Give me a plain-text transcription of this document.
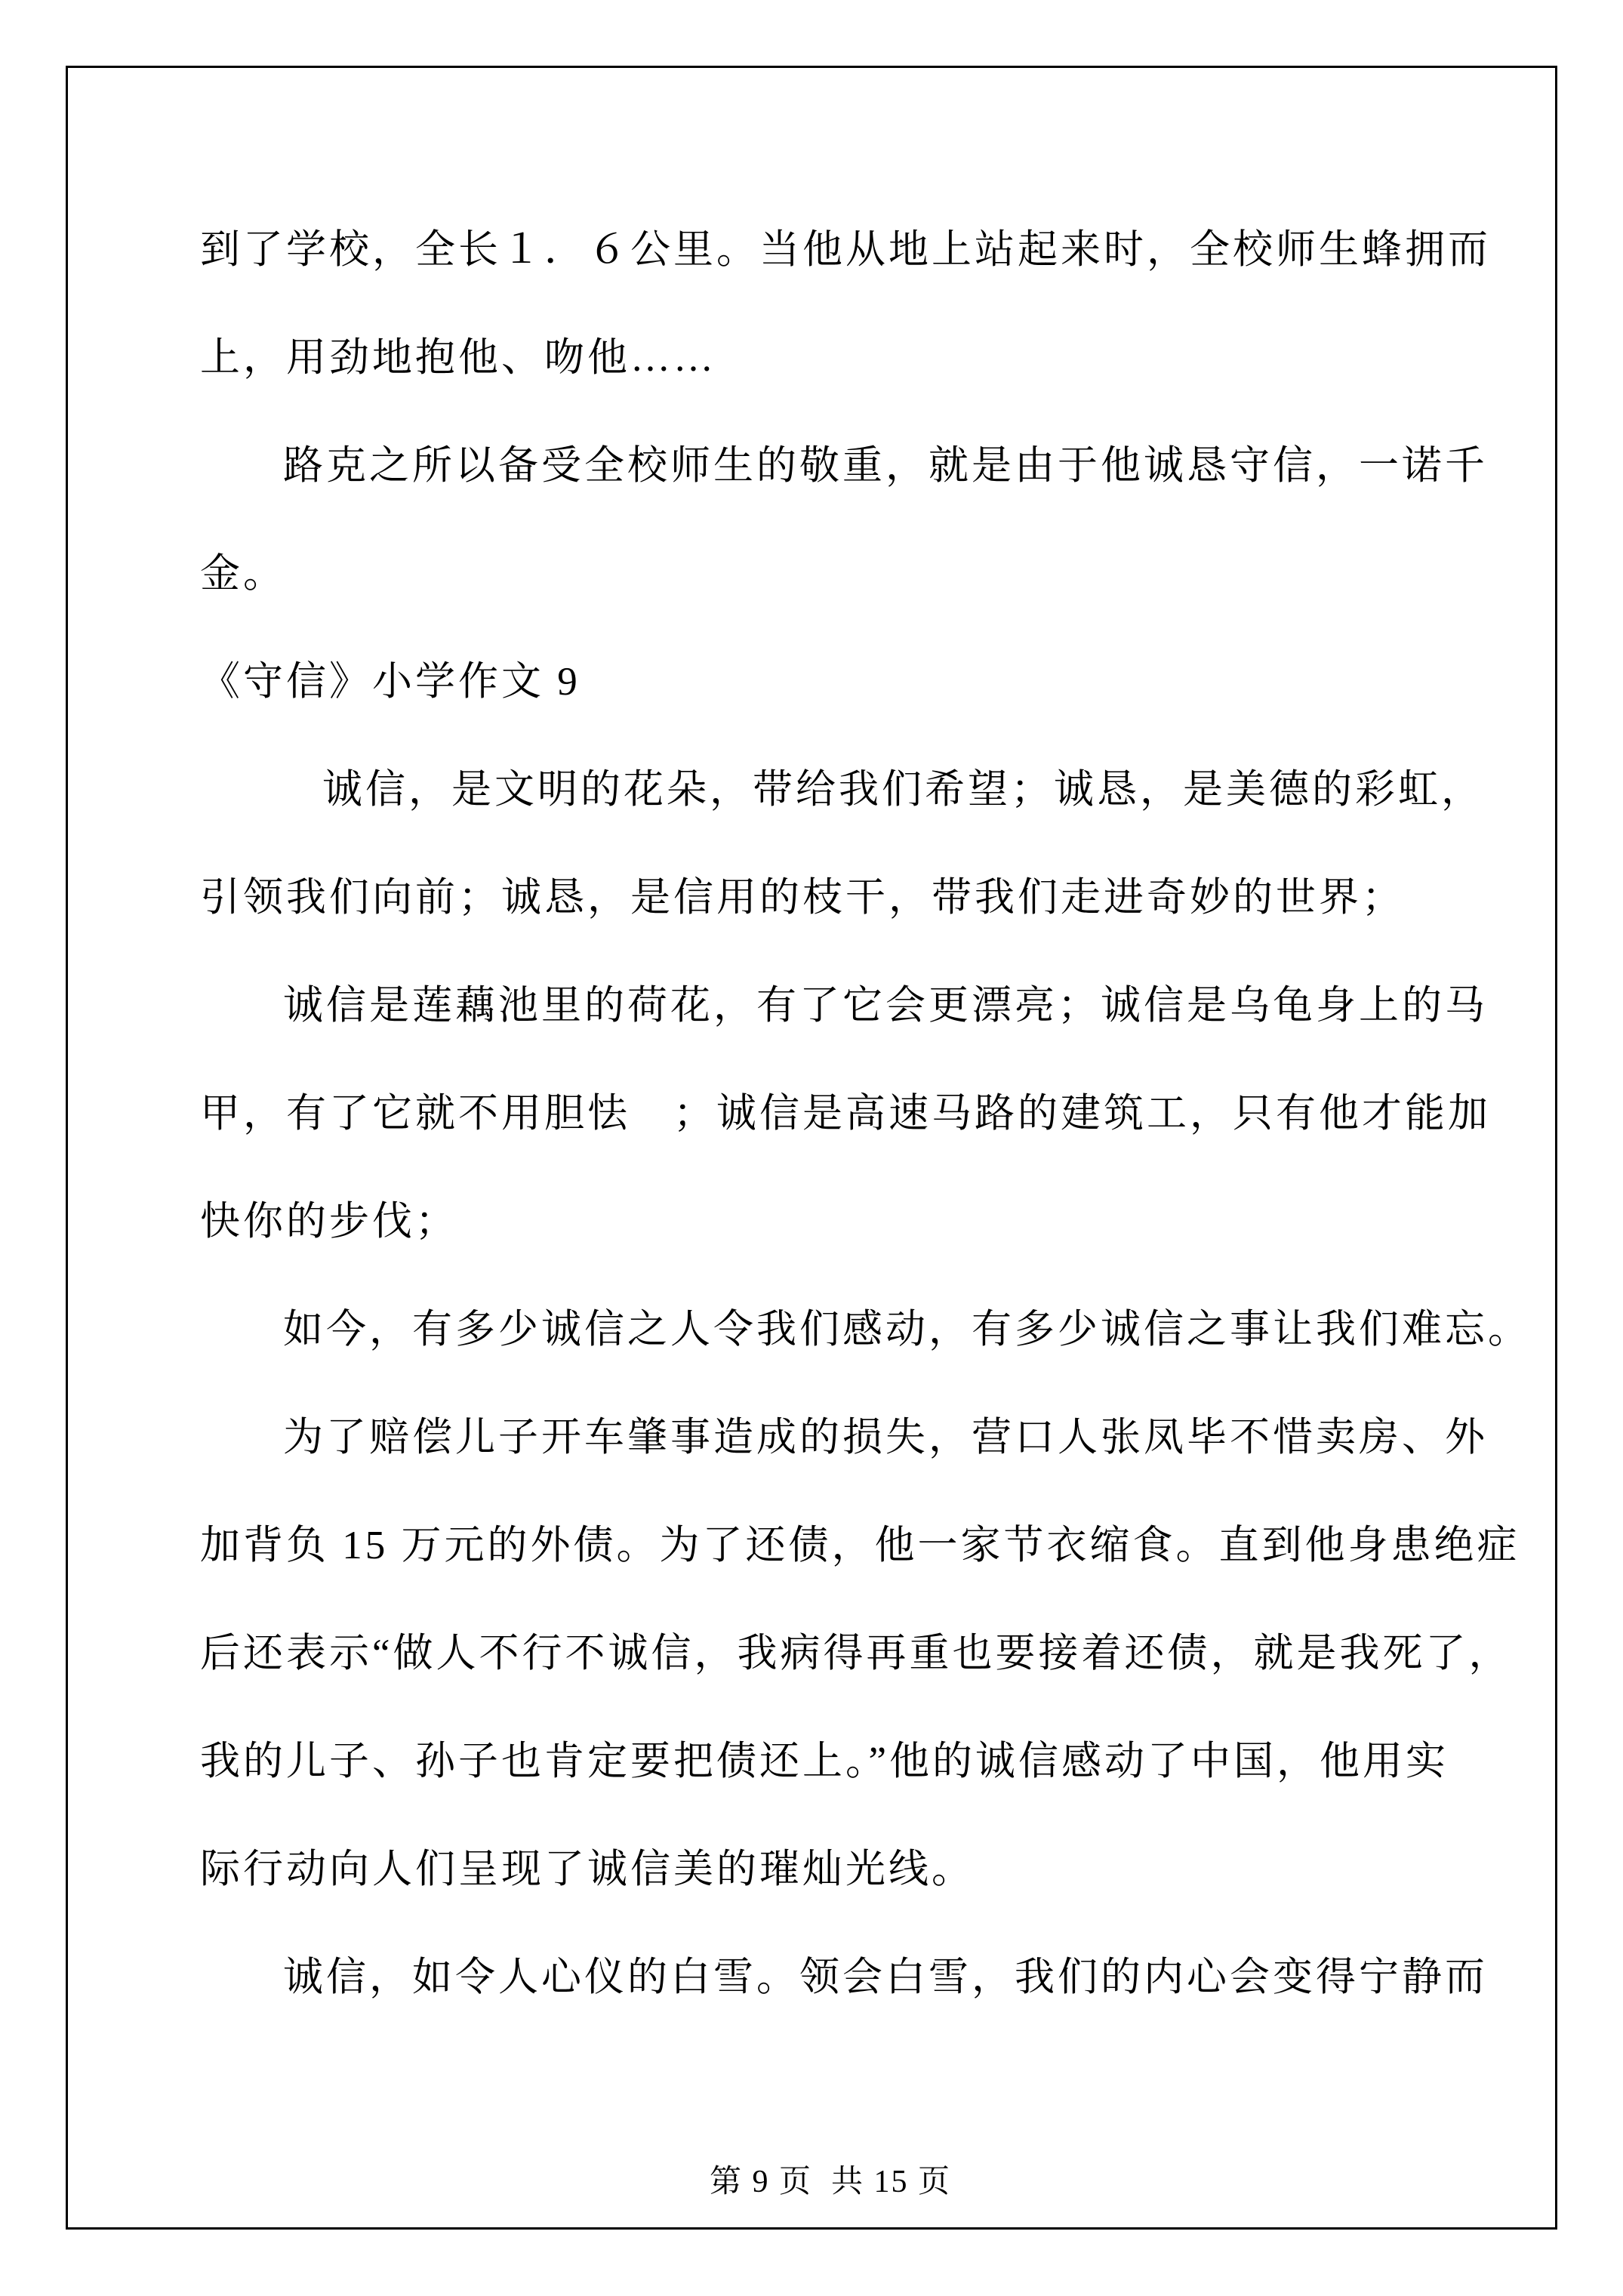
到了学校，全长１．６公里。当他从地上站起来时，全校师生蜂拥而
上，用劲地抱他、吻他……
路克之所以备受全校师生的敬重，就是由于他诚恳守信，一诺千
金。
《守信》小学作文 9
诚信，是文明的花朵，带给我们希望；诚恳，是美德的彩虹，
引领我们向前；诚恳，是信用的枝干，带我们走进奇妙的世界；
诚信是莲藕池里的荷花，有了它会更漂亮；诚信是乌龟身上的马
甲，有了它就不用胆怯　；诚信是高速马路的建筑工，只有他才能加
快你的步伐；
如今，有多少诚信之人令我们感动，有多少诚信之事让我们难忘。
为了赔偿儿子开车肇事造成的损失，营口人张凤毕不惜卖房、外
加背负 15 万元的外债。为了还债，他一家节衣缩食。直到他身患绝症
后还表示“做人不行不诚信，我病得再重也要接着还债，就是我死了，
我的儿子、孙子也肯定要把债还上。”他的诚信感动了中国，他用实
际行动向人们呈现了诚信美的璀灿光线。
诚信，如令人心仪的白雪。领会白雪，我们的内心会变得宁静而

第 9 页  共 15 页
